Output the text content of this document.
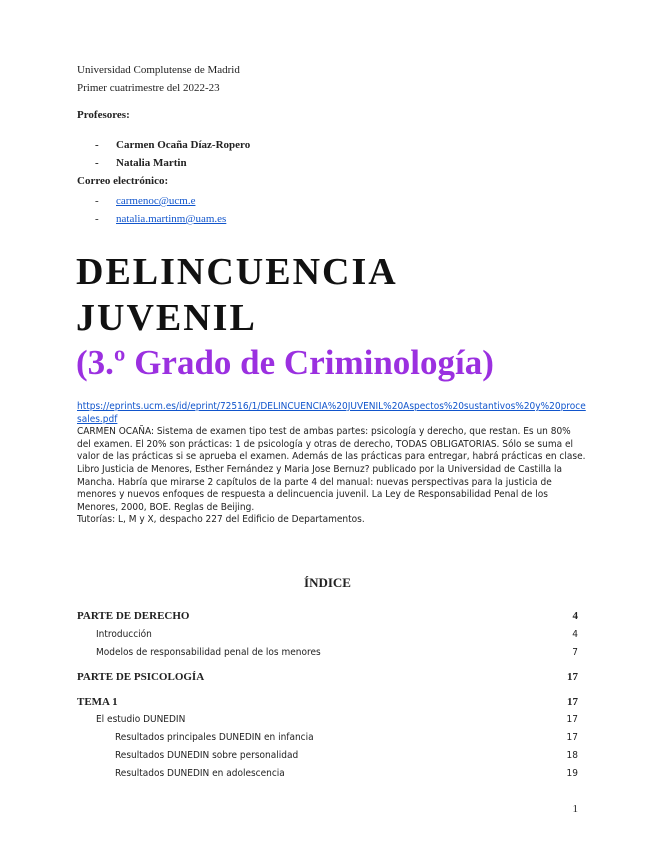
Universidad Complutense de Madrid
Primer cuatrimestre del 2022-23
Profesores:
- Carmen Ocaña Díaz-Ropero
- Natalia Martin
Correo electrónico:
- carmenoc@ucm.e
- natalia.martinm@uam.es
DELINCUENCIA
JUVENIL
(3.º Grado de Criminología)
https://eprints.ucm.es/id/eprint/72516/1/DELINCUENCIA%20JUVENIL%20Aspectos%20sustantivos%20y%20procesales.pdf

CARMEN OCAÑA: Sistema de examen tipo test de ambas partes: psicología y derecho, que restan. Es un 80% del examen. El 20% son prácticas: 1 de psicología y otras de derecho, TODAS OBLIGATORIAS. Sólo se suma el valor de las prácticas si se aprueba el examen. Además de las prácticas para entregar, habrá prácticas en clase. Libro Justicia de Menores, Esther Fernández y Maria Jose Bernuz? publicado por la Universidad de Castilla la Mancha. Habría que mirarse 2 capítulos de la parte 4 del manual: nuevas perspectivas para la justicia de menores y nuevos enfoques de respuesta a delincuencia juvenil. La Ley de Responsabilidad Penal de los Menores, 2000, BOE. Reglas de Beijing.

Tutorías: L, M y X, despacho 227 del Edificio de Departamentos.

ÍNDICE
PARTE DE DERECHO	4
Introducción	4
Modelos de responsabilidad penal de los menores	7
PARTE DE PSICOLOGÍA	17
TEMA 1	17
El estudio DUNEDIN	17
Resultados principales DUNEDIN en infancia	17
Resultados DUNEDIN sobre personalidad	18
Resultados DUNEDIN en adolescencia	19
1
